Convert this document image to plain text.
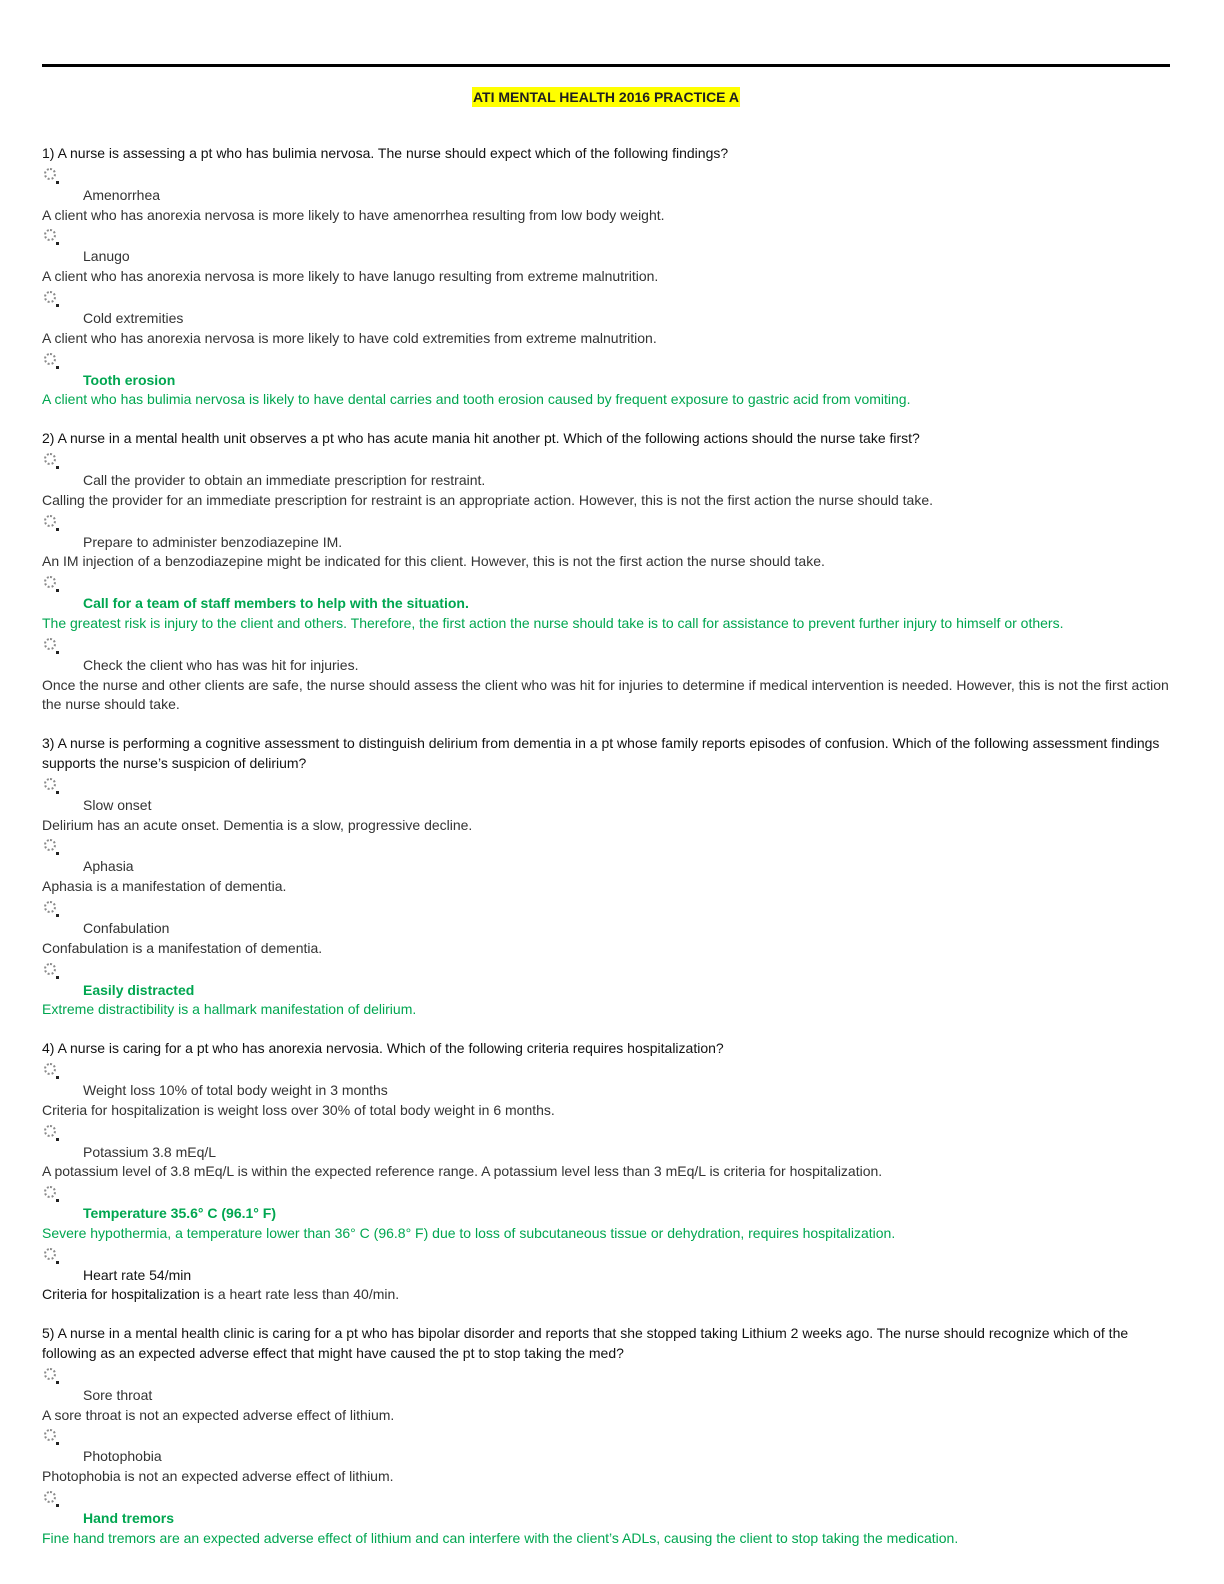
ATI MENTAL HEALTH 2016 PRACTICE A

1) A nurse is assessing a pt who has bulimia nervosa. The nurse should expect which of the following findings?

Amenorrhea

A client who has anorexia nervosa is more likely to have amenorrhea resulting from low body weight.

Lanugo

A client who has anorexia nervosa is more likely to have lanugo resulting from extreme malnutrition.

Cold extremities

A client who has anorexia nervosa is more likely to have cold extremities from extreme malnutrition.

Tooth erosion

A client who has bulimia nervosa is likely to have dental carries and tooth erosion caused by frequent exposure to gastric acid from vomiting.

2) A nurse in a mental health unit observes a pt who has acute mania hit another pt. Which of the following actions should the nurse take first?

Call the provider to obtain an immediate prescription for restraint.

Calling the provider for an immediate prescription for restraint is an appropriate action. However, this is not the first action the nurse should take.

Prepare to administer benzodiazepine IM.

An IM injection of a benzodiazepine might be indicated for this client. However, this is not the first action the nurse should take.

Call for a team of staff members to help with the situation.

The greatest risk is injury to the client and others. Therefore, the first action the nurse should take is to call for assistance to prevent further injury to himself or others.

Check the client who has was hit for injuries.

Once the nurse and other clients are safe, the nurse should assess the client who was hit for injuries to determine if medical intervention is needed. However, this is not the first action the nurse should take.

3) A nurse is performing a cognitive assessment to distinguish delirium from dementia in a pt whose family reports episodes of confusion. Which of the following assessment findings supports the nurse’s suspicion of delirium?

Slow onset

Delirium has an acute onset. Dementia is a slow, progressive decline.

Aphasia

Aphasia is a manifestation of dementia.

Confabulation

Confabulation is a manifestation of dementia.

Easily distracted

Extreme distractibility is a hallmark manifestation of delirium.

4) A nurse is caring for a pt who has anorexia nervosia. Which of the following criteria requires hospitalization?

Weight loss 10% of total body weight in 3 months

Criteria for hospitalization is weight loss over 30% of total body weight in 6 months.

Potassium 3.8 mEq/L

A potassium level of 3.8 mEq/L is within the expected reference range. A potassium level less than 3 mEq/L is criteria for hospitalization.

Temperature 35.6° C (96.1° F)

Severe hypothermia, a temperature lower than 36° C (96.8° F) due to loss of subcutaneous tissue or dehydration, requires hospitalization.

Heart rate 54/min

Criteria for hospitalization is a heart rate less than 40/min.

5) A nurse in a mental health clinic is caring for a pt who has bipolar disorder and reports that she stopped taking Lithium 2 weeks ago. The nurse should recognize which of the following as an expected adverse effect that might have caused the pt to stop taking the med?

Sore throat

A sore throat is not an expected adverse effect of lithium.

Photophobia

Photophobia is not an expected adverse effect of lithium.

Hand tremors

Fine hand tremors are an expected adverse effect of lithium and can interfere with the client’s ADLs, causing the client to stop taking the medication.
